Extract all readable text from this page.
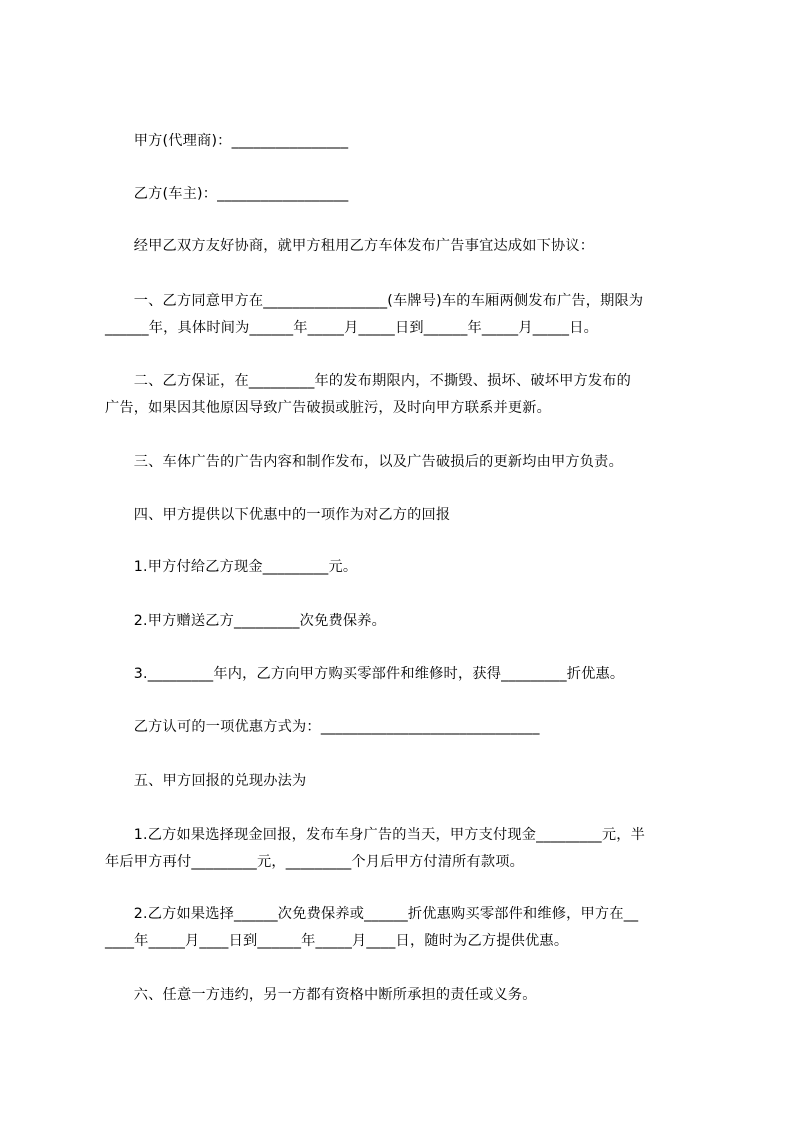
　　甲方(代理商)：________________
　　乙方(车主)：__________________
　　经甲乙双方友好协商，就甲方租用乙方车体发布广告事宜达成如下协议：
　　一、乙方同意甲方在_________________(车牌号)车的车厢两侧发布广告，期限为
______年，具体时间为______年_____月_____日到______年_____月_____日。
　　二、乙方保证，在_________年的发布期限内，不撕毁、损坏、破坏甲方发布的
广告，如果因其他原因导致广告破损或脏污，及时向甲方联系并更新。
　　三、车体广告的广告内容和制作发布，以及广告破损后的更新均由甲方负责。
　　四、甲方提供以下优惠中的一项作为对乙方的回报
　　1.甲方付给乙方现金_________元。
　　2.甲方赠送乙方_________次免费保养。
　　3._________年内，乙方向甲方购买零部件和维修时，获得_________折优惠。
　　乙方认可的一项优惠方式为：______________________________
　　五、甲方回报的兑现办法为
　　1.乙方如果选择现金回报，发布车身广告的当天，甲方支付现金_________元，半
年后甲方再付_________元，_________个月后甲方付清所有款项。
　　2.乙方如果选择______次免费保养或______折优惠购买零部件和维修，甲方在__
____年_____月____日到______年_____月____日，随时为乙方提供优惠。
　　六、任意一方违约，另一方都有资格中断所承担的责任或义务。
